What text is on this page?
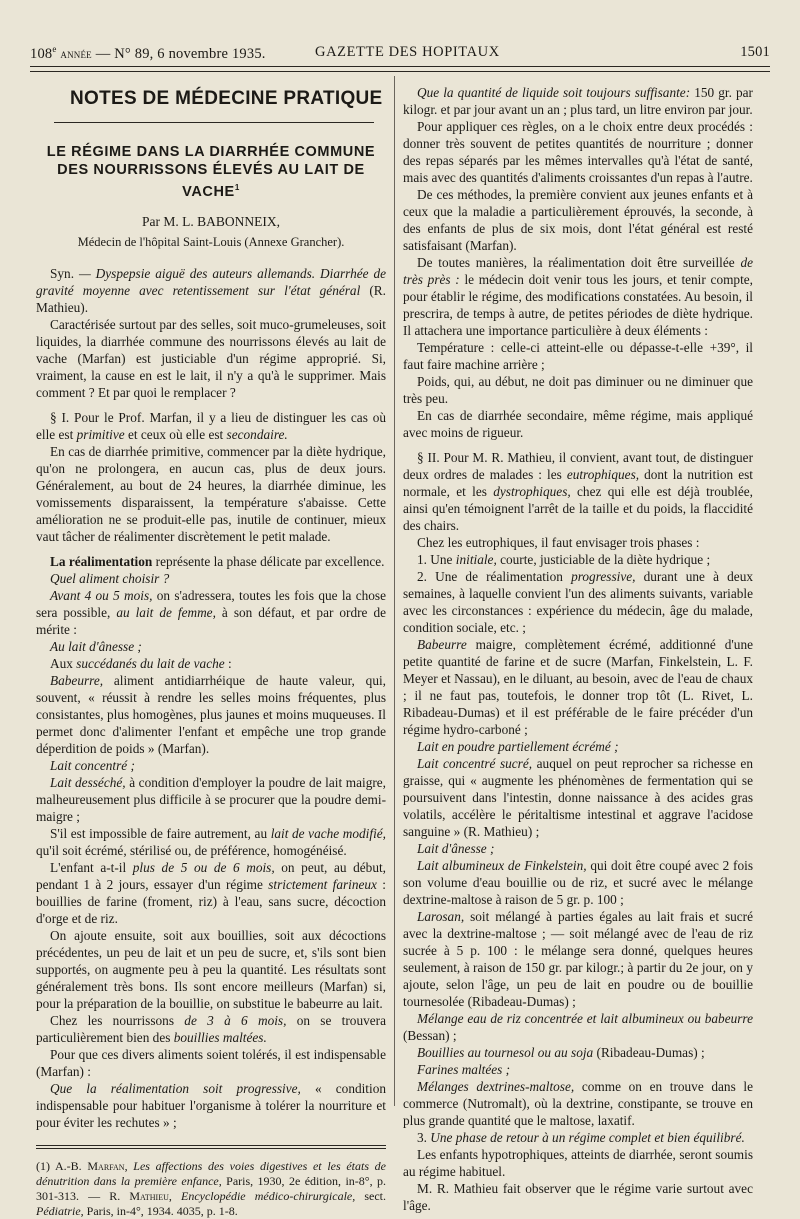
108e année — N° 89, 6 novembre 1935.	GAZETTE DES HOPITAUX	1501
NOTES DE MÉDECINE PRATIQUE
LE RÉGIME DANS LA DIARRHÉE COMMUNE
DES NOURRISSONS ÉLEVÉS AU LAIT DE VACHE$^1$
Par M. L. BABONNEIX,
Médecin de l'hôpital Saint-Louis (Annexe Grancher).

Syn. — Dyspepsie aiguë des auteurs allemands. Diarrhée de gravité moyenne avec retentissement sur l'état général (R. Mathieu).

Caractérisée surtout par des selles, soit muco-grumeleuses, soit liquides, la diarrhée commune des nourrissons élevés au lait de vache (Marfan) est justiciable d'un régime approprié. Si, vraiment, la cause en est le lait, il n'y a qu'à le supprimer. Mais comment ? Et par quoi le remplacer ?

§ I. Pour le Prof. Marfan, il y a lieu de distinguer les cas où elle est primitive et ceux où elle est secondaire.

En cas de diarrhée primitive, commencer par la diète hydrique, qu'on ne prolongera, en aucun cas, plus de deux jours. Généralement, au bout de 24 heures, la diarrhée diminue, les vomissements disparaissent, la température s'abaisse. Cette amélioration ne se produit-elle pas, inutile de continuer, mieux vaut tâcher de réalimenter discrètement le petit malade.

La réalimentation représente la phase délicate par excellence.

Quel aliment choisir ?

Avant 4 ou 5 mois, on s'adressera, toutes les fois que la chose sera possible, au lait de femme, à son défaut, et par ordre de mérite :

Au lait d'ânesse ;

Aux succédanés du lait de vache :

Babeurre, aliment antidiarrhéique de haute valeur, qui, souvent, « réussit à rendre les selles moins fréquentes, plus consistantes, plus homogènes, plus jaunes et moins muqueuses. Il permet donc d'alimenter l'enfant et empêche une trop grande déperdition de poids » (Marfan).

Lait concentré ;

Lait desséché, à condition d'employer la poudre de lait maigre, malheureusement plus difficile à se procurer que la poudre demi-maigre ;

S'il est impossible de faire autrement, au lait de vache modifié, qu'il soit écrémé, stérilisé ou, de préférence, homogénéisé.

L'enfant a-t-il plus de 5 ou de 6 mois, on peut, au début, pendant 1 à 2 jours, essayer d'un régime strictement farineux : bouillies de farine (froment, riz) à l'eau, sans sucre, décoction d'orge et de riz.

On ajoute ensuite, soit aux bouillies, soit aux décoctions précédentes, un peu de lait et un peu de sucre, et, s'ils sont bien supportés, on augmente peu à peu la quantité. Les résultats sont généralement très bons. Ils sont encore meilleurs (Marfan) si, pour la préparation de la bouillie, on substitue le babeurre au lait.

Chez les nourrissons de 3 à 6 mois, on se trouvera particulièrement bien des bouillies maltées.

Pour que ces divers aliments soient tolérés, il est indispensable (Marfan) :

Que la réalimentation soit progressive, « condition indispensable pour habituer l'organisme à tolérer la nourriture et pour éviter les rechutes » ;

(1) A.-B. Marfan, Les affections des voies digestives et les états de dénutrition dans la première enfance, Paris, 1930, 2e édition, in-8°, p. 301-313. — R. Mathieu, Encyclopédie médico-chirurgicale, sect. Pédiatrie, Paris, in-4°, 1934. 4035, p. 1-8.

Que la quantité de liquide soit toujours suffisante: 150 gr. par kilogr. et par jour avant un an ; plus tard, un litre environ par jour.

Pour appliquer ces règles, on a le choix entre deux procédés : donner très souvent de petites quantités de nourriture ; donner des repas séparés par les mêmes intervalles qu'à l'état de santé, mais avec des quantités d'aliments croissantes d'un repas à l'autre.

De ces méthodes, la première convient aux jeunes enfants et à ceux que la maladie a particulièrement éprouvés, la seconde, à des enfants de plus de six mois, dont l'état général est resté satisfaisant (Marfan).

De toutes manières, la réalimentation doit être surveillée de très près : le médecin doit venir tous les jours, et tenir compte, pour établir le régime, des modifications constatées. Au besoin, il prescrira, de temps à autre, de petites périodes de diète hydrique. Il attachera une importance particulière à deux éléments :

Température : celle-ci atteint-elle ou dépasse-t-elle +39°, il faut faire machine arrière ;

Poids, qui, au début, ne doit pas diminuer ou ne diminuer que très peu.

En cas de diarrhée secondaire, même régime, mais appliqué avec moins de rigueur.

§ II. Pour M. R. Mathieu, il convient, avant tout, de distinguer deux ordres de malades : les eutrophiques, dont la nutrition est normale, et les dystrophiques, chez qui elle est déjà troublée, ainsi qu'en témoignent l'arrêt de la taille et du poids, la flaccidité des chairs.

Chez les eutrophiques, il faut envisager trois phases :

1. Une initiale, courte, justiciable de la diète hydrique ;

2. Une de réalimentation progressive, durant une à deux semaines, à laquelle convient l'un des aliments suivants, variable avec les circonstances : expérience du médecin, âge du malade, condition sociale, etc. ;

Babeurre maigre, complètement écrémé, additionné d'une petite quantité de farine et de sucre (Marfan, Finkelstein, L. F. Meyer et Nassau), en le diluant, au besoin, avec de l'eau de chaux ; il ne faut pas, toutefois, le donner trop tôt (L. Rivet, L. Ribadeau-Dumas) et il est préférable de le faire précéder d'un régime hydro-carboné ;

Lait en poudre partiellement écrémé ;

Lait concentré sucré, auquel on peut reprocher sa richesse en graisse, qui « augmente les phénomènes de fermentation qui se poursuivent dans l'intestin, donne naissance à des acides gras volatils, accélère le péritaltisme intestinal et aggrave l'acidose sanguine » (R. Mathieu) ;

Lait d'ânesse ;

Lait albumineux de Finkelstein, qui doit être coupé avec 2 fois son volume d'eau bouillie ou de riz, et sucré avec le mélange dextrine-maltose à raison de 5 gr. p. 100 ;

Larosan, soit mélangé à parties égales au lait frais et sucré avec la dextrine-maltose ; — soit mélangé avec de l'eau de riz sucrée à 5 p. 100 : le mélange sera donné, quelques heures seulement, à raison de 150 gr. par kilogr.; à partir du 2e jour, on y ajoute, selon l'âge, un peu de lait en poudre ou de bouillie tournesolée (Ribadeau-Dumas) ;

Mélange eau de riz concentrée et lait albumineux ou babeurre (Bessan) ;

Bouillies au tournesol ou au soja (Ribadeau-Dumas) ;

Farines maltées ;

Mélanges dextrines-maltose, comme on en trouve dans le commerce (Nutromalt), où la dextrine, constipante, se trouve en plus grande quantité que le maltose, laxatif.

3. Une phase de retour à un régime complet et bien équilibré.

Les enfants hypotrophiques, atteints de diarrhée, seront soumis au régime habituel.

M. R. Mathieu fait observer que le régime varie surtout avec l'âge.
